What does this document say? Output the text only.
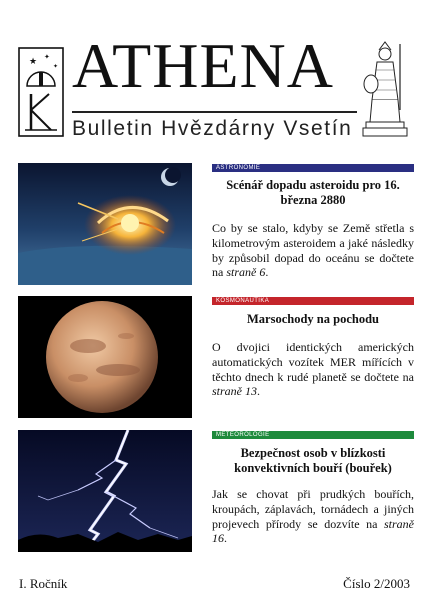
★ ✦
✦ ATHENA
Bulletin Hvězdárny Vsetín
ASTRONOMIE
Scénář dopadu asteroidu pro 16. března 2880
Co by se stalo, kdyby se Země střetla s kilometrovým asteroidem a jaké následky by způsobil dopad do oceánu se dočtete na straně 6.
KOSMONAUTIKA
Marsochody na pochodu
O dvojici identických amerických automatických vozítek MER mířících v těchto dnech k rudé planetě se dočtete na straně 13.
METEOROLOGIE
Bezpečnost osob v blízkosti konvektivních bouří (bouřek)
Jak se chovat při prudkých bouřích, kroupách, záplavách, tornádech a jiných projevech přírody se dozvíte na straně 16.
I. Ročník	Číslo 2/2003
